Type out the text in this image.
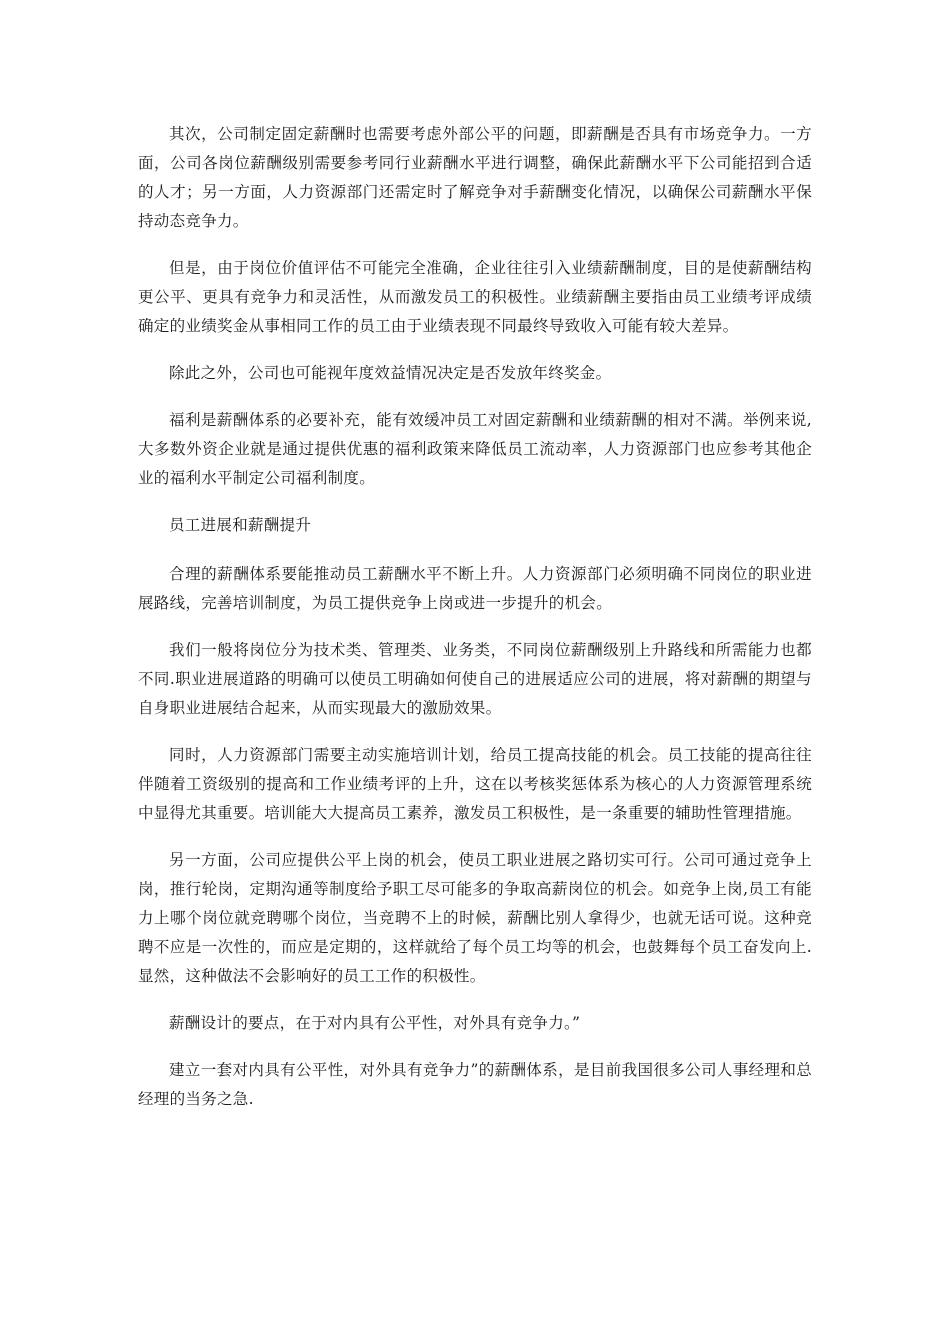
其次，公司制定固定薪酬时也需要考虑外部公平的问题，即薪酬是否具有市场竞争力。一方面，公司各岗位薪酬级别需要参考同行业薪酬水平进行调整，确保此薪酬水平下公司能招到合适的人才；另一方面，人力资源部门还需定时了解竞争对手薪酬变化情况，以确保公司薪酬水平保持动态竞争力。

但是，由于岗位价值评估不可能完全准确，企业往往引入业绩薪酬制度，目的是使薪酬结构更公平、更具有竞争力和灵活性，从而激发员工的积极性。业绩薪酬主要指由员工业绩考评成绩确定的业绩奖金从事相同工作的员工由于业绩表现不同最终导致收入可能有较大差异。

除此之外，公司也可能视年度效益情况决定是否发放年终奖金。

福利是薪酬体系的必要补充，能有效缓冲员工对固定薪酬和业绩薪酬的相对不满。举例来说,大多数外资企业就是通过提供优惠的福利政策来降低员工流动率，人力资源部门也应参考其他企业的福利水平制定公司福利制度。

员工进展和薪酬提升

合理的薪酬体系要能推动员工薪酬水平不断上升。人力资源部门必须明确不同岗位的职业进展路线，完善培训制度，为员工提供竞争上岗或进一步提升的机会。

我们一般将岗位分为技术类、管理类、业务类，不同岗位薪酬级别上升路线和所需能力也都不同.职业进展道路的明确可以使员工明确如何使自己的进展适应公司的进展，将对薪酬的期望与自身职业进展结合起来，从而实现最大的激励效果。

同时，人力资源部门需要主动实施培训计划，给员工提高技能的机会。员工技能的提高往往伴随着工资级别的提高和工作业绩考评的上升，这在以考核奖惩体系为核心的人力资源管理系统中显得尤其重要。培训能大大提高员工素养，激发员工积极性，是一条重要的辅助性管理措施。

另一方面，公司应提供公平上岗的机会，使员工职业进展之路切实可行。公司可通过竞争上岗，推行轮岗，定期沟通等制度给予职工尽可能多的争取高薪岗位的机会。如竞争上岗,员工有能力上哪个岗位就竞聘哪个岗位，当竞聘不上的时候，薪酬比别人拿得少，也就无话可说。这种竞聘不应是一次性的，而应是定期的，这样就给了每个员工均等的机会，也鼓舞每个员工奋发向上.显然，这种做法不会影响好的员工工作的积极性。

薪酬设计的要点，在于对内具有公平性，对外具有竞争力。”

建立一套对内具有公平性，对外具有竞争力”的薪酬体系，是目前我国很多公司人事经理和总经理的当务之急.
